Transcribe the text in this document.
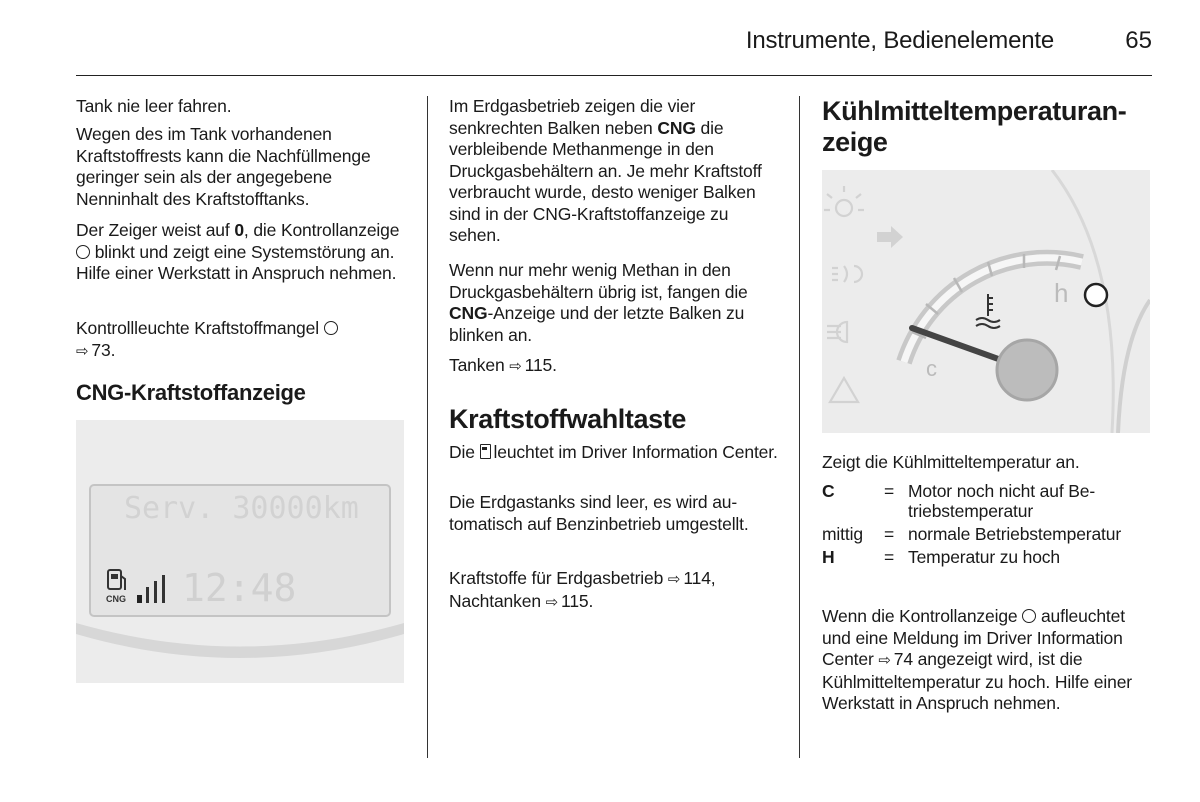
Instrumente, Bedienelemente	65

Tank nie leer fahren.

Wegen des im Tank vorhandenen Kraftstoffrests kann die Nachfüllmenge geringer sein als der angegebene Nenninhalt des Kraftstofftanks.

Der Zeiger weist auf 0, die Kontrollanzeige  blinkt und zeigt eine Systemstörung an. Hilfe einer Werkstatt in Anspruch nehmen.

Kontrollleuchte Kraftstoffmangel
⇨ 73.

CNG-Kraftstoffanzeige
Serv. 30000km
CNG 12:48

Im Erdgasbetrieb zeigen die vier senkrechten Balken neben CNG die verbleibende Methanmenge in den Druckgasbehältern an. Je mehr Kraftstoff verbraucht wurde, desto weniger Balken sind in der CNG-Kraftstoffanzeige zu sehen.

Wenn nur mehr wenig Methan in den Druckgasbehältern übrig ist, fangen die CNG-Anzeige und der letzte Balken zu blinken an.

Tanken ⇨ 115.

Kraftstoffwahltaste

Die leuchtet im Driver Information Center.

Die Erdgastanks sind leer, es wird automatisch auf Benzinbetrieb umgestellt.

Kraftstoffe für Erdgasbetrieb ⇨ 114,
Nachtanken ⇨ 115.

Kühlmitteltemperaturan-
zeige
h
c

Zeigt die Kühlmitteltemperatur an.

C	=	Motor noch nicht auf Betriebstemperatur
mittig	=	normale Betriebstemperatur
H	=	Temperatur zu hoch

Wenn die Kontrollanzeige  aufleuchtet und eine Meldung im Driver Information Center ⇨ 74 angezeigt wird, ist die Kühlmitteltemperatur zu hoch. Hilfe einer Werkstatt in Anspruch nehmen.
